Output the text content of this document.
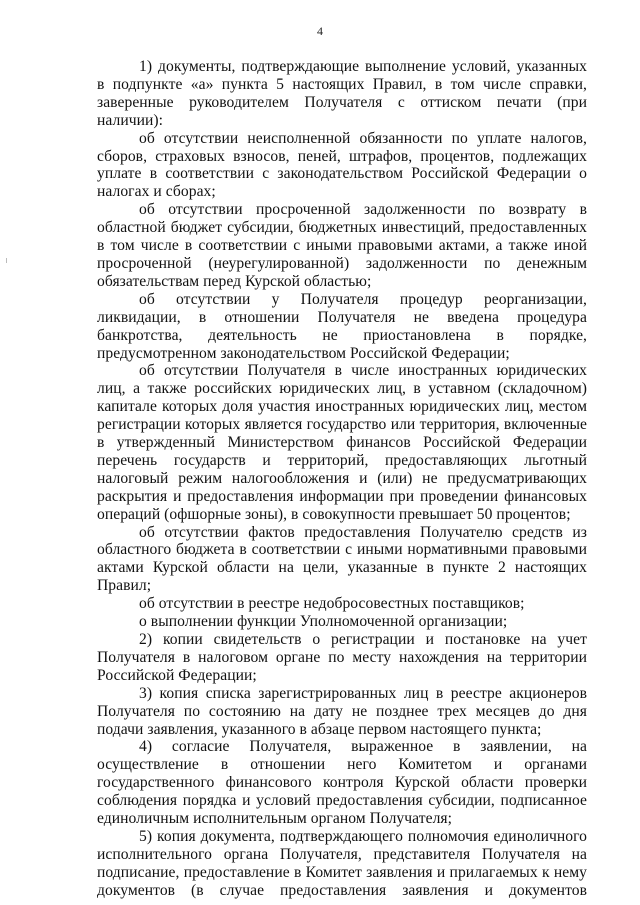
4

1) документы, подтверждающие выполнение условий, указанных в подпункте «а» пункта 5 настоящих Правил, в том числе справки, заверенные руководителем Получателя с оттиском печати (при наличии):

об отсутствии неисполненной обязанности по уплате налогов, сборов, страховых взносов, пеней, штрафов, процентов, подлежащих уплате в соответствии с законодательством Российской Федерации о налогах и сборах;

об отсутствии просроченной задолженности по возврату в областной бюджет субсидии, бюджетных инвестиций, предоставленных в том числе в соответствии с иными правовыми актами, а также иной просроченной (неурегулированной) задолженности по денежным обязательствам перед Курской областью;

об отсутствии у Получателя процедур реорганизации, ликвидации, в отношении Получателя не введена процедура банкротства, деятельность не приостановлена в порядке, предусмотренном законодательством Российской Федерации;

об отсутствии Получателя в числе иностранных юридических лиц, а также российских юридических лиц, в уставном (складочном) капитале которых доля участия иностранных юридических лиц, местом регистрации которых является государство или территория, включенные в утвержденный Министерством финансов Российской Федерации перечень государств и территорий, предоставляющих льготный налоговый режим налогообложения и (или) не предусматривающих раскрытия и предоставления информации при проведении финансовых операций (офшорные зоны), в совокупности превышает 50 процентов;

об отсутствии фактов предоставления Получателю средств из областного бюджета в соответствии с иными нормативными правовыми актами Курской области на цели, указанные в пункте 2 настоящих Правил;

об отсутствии в реестре недобросовестных поставщиков;

о выполнении функции Уполномоченной организации;

2) копии свидетельств о регистрации и постановке на учет Получателя в налоговом органе по месту нахождения на территории Российской Федерации;

3) копия списка зарегистрированных лиц в реестре акционеров Получателя по состоянию на дату не позднее трех месяцев до дня подачи заявления, указанного в абзаце первом настоящего пункта;

4) согласие Получателя, выраженное в заявлении, на осуществление в отношении него Комитетом и органами государственного финансового контроля Курской области проверки соблюдения порядка и условий предоставления субсидии, подписанное единоличным исполнительным органом Получателя;

5) копия документа, подтверждающего полномочия единоличного исполнительного органа Получателя, представителя Получателя на подписание, предоставление в Комитет заявления и прилагаемых к нему документов (в случае предоставления заявления и документов
